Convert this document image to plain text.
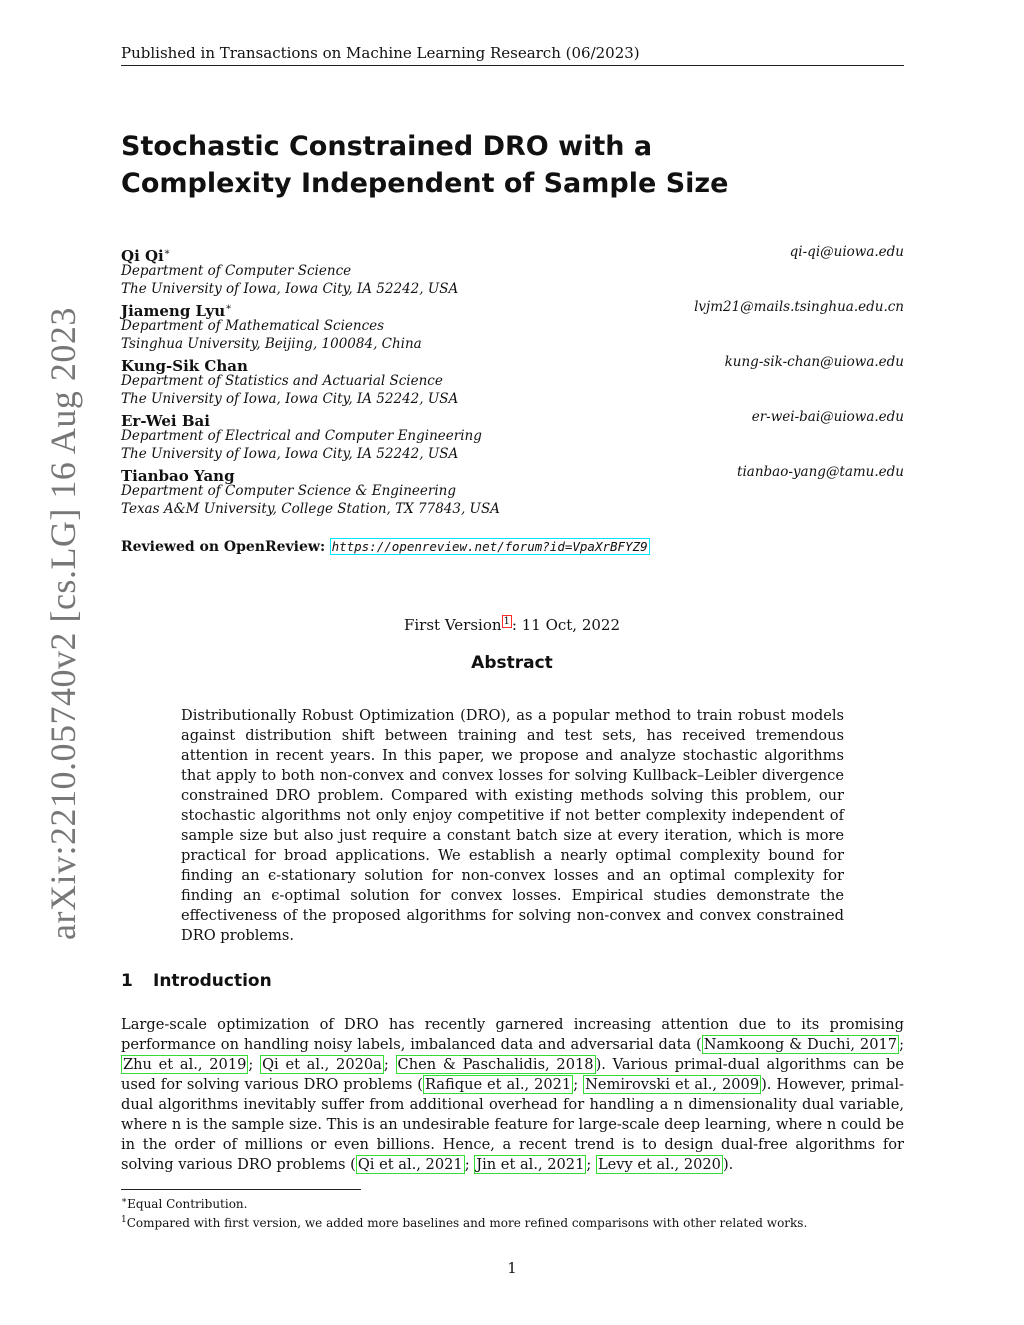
Published in Transactions on Machine Learning Research (06/2023)
arXiv:2210.05740v2 [cs.LG] 16 Aug 2023
Stochastic Constrained DRO with a Complexity Independent of Sample Size
Qi Qi∗	qi-qi@uiowa.edu
Department of Computer Science
The University of Iowa, Iowa City, IA 52242, USA
Jiameng Lyu∗	lvjm21@mails.tsinghua.edu.cn
Department of Mathematical Sciences
Tsinghua University, Beijing, 100084, China
Kung-Sik Chan	kung-sik-chan@uiowa.edu
Department of Statistics and Actuarial Science
The University of Iowa, Iowa City, IA 52242, USA
Er-Wei Bai	er-wei-bai@uiowa.edu
Department of Electrical and Computer Engineering
The University of Iowa, Iowa City, IA 52242, USA
Tianbao Yang	tianbao-yang@tamu.edu
Department of Computer Science & Engineering
Texas A&M University, College Station, TX 77843, USA
Reviewed on OpenReview: https://openreview.net/forum?id=VpaXrBFYZ9
First Version $^1$ : 11 Oct, 2022
Abstract

Distributionally Robust Optimization (DRO), as a popular method to train robust models against distribution shift between training and test sets, has received tremendous attention in recent years. In this paper, we propose and analyze stochastic algorithms that apply to both non-convex and convex losses for solving Kullback–Leibler divergence constrained DRO problem. Compared with existing methods solving this problem, our stochastic algorithms not only enjoy competitive if not better complexity independent of sample size but also just require a constant batch size at every iteration, which is more practical for broad applications. We establish a nearly optimal complexity bound for finding an ϵ-stationary solution for non-convex losses and an optimal complexity for finding an ϵ-optimal solution for convex losses. Empirical studies demonstrate the effectiveness of the proposed algorithms for solving non-convex and convex constrained DRO problems.

1 Introduction

Large-scale optimization of DRO has recently garnered increasing attention due to its promising performance on handling noisy labels, imbalanced data and adversarial data ( Namkoong & Duchi, 2017 ; Zhu et al., 2019 ; Qi et al., 2020a ; Chen & Paschalidis, 2018 ). Various primal-dual algorithms can be used for solving various DRO problems ( Rafique et al., 2021 ; Nemirovski et al., 2009 ). However, primal-dual algorithms inevitably suffer from additional overhead for handling a n dimensionality dual variable, where n is the sample size. This is an undesirable feature for large-scale deep learning, where n could be in the order of millions or even billions. Hence, a recent trend is to design dual-free algorithms for solving various DRO problems ( Qi et al., 2021 ; Jin et al., 2021 ; Levy et al., 2020 ).

∗Equal Contribution.
$^1$Compared with first version, we added more baselines and more refined comparisons with other related works.
1
